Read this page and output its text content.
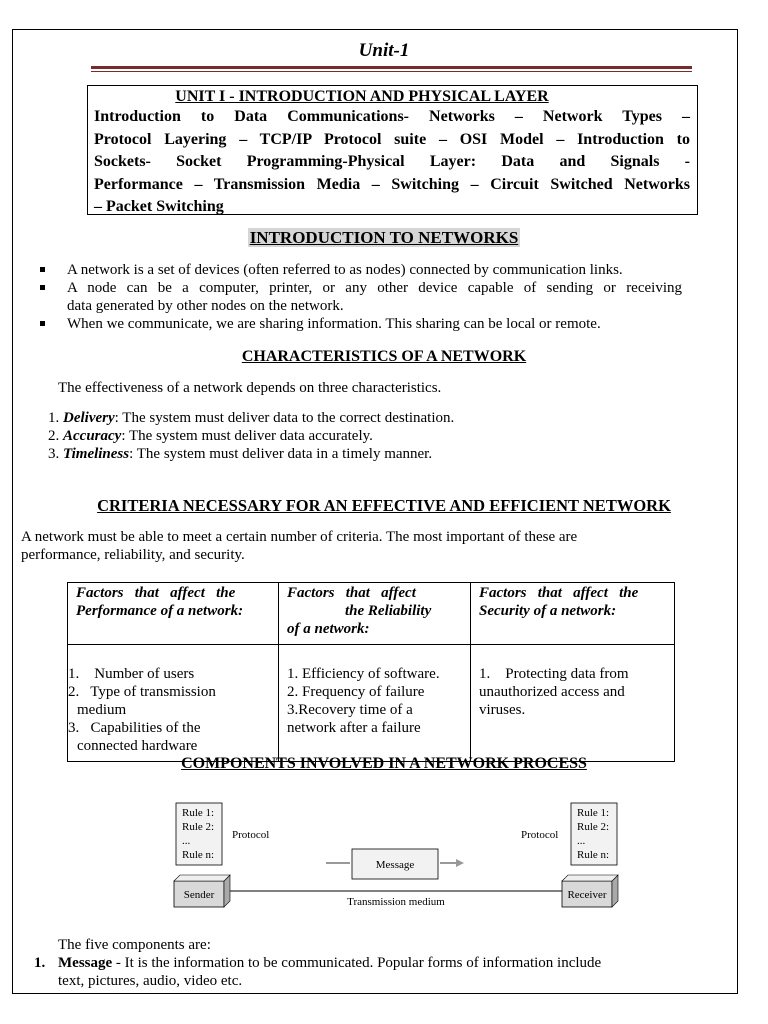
Unit-1
UNIT I - INTRODUCTION AND PHYSICAL LAYER
Introduction to Data Communications- Networks – Network Types –
Protocol Layering – TCP/IP Protocol suite – OSI Model – Introduction to
Sockets- Socket Programming-Physical Layer: Data and Signals -
Performance – Transmission Media – Switching – Circuit Switched Networks
– Packet Switching
INTRODUCTION TO NETWORKS
A network is a set of devices (often referred to as nodes) connected by communication links.
A node can be a computer, printer, or any other device capable of sending or receiving
data generated by other nodes on the network.
When we communicate, we are sharing information. This sharing can be local or remote.
CHARACTERISTICS OF A NETWORK
The effectiveness of a network depends on three characteristics.
1. Delivery: The system must deliver data to the correct destination.
2. Accuracy: The system must deliver data accurately.
3. Timeliness: The system must deliver data in a timely manner.
CRITERIA NECESSARY FOR AN EFFECTIVE AND EFFICIENT NETWORK
A network must be able to meet a certain number of criteria. The most important of these are
performance, reliability, and security.
Factors   that   affect   the
Performance of a network:	Factors   that   affect
the Reliability
of a network:	Factors   that   affect   the
Security of a network:

1.    Number of users
2.   Type of transmission
medium
3.   Capabilities of the
connected hardware	1. Efficiency of software.
2. Frequency of failure
3.Recovery time of a
network after a failure	1.    Protecting data from
unauthorized access and
viruses.
COMPONENTS INVOLVED IN A NETWORK PROCESS
Rule 1:
Rule 2:
...
Rule n:
Protocol
Rule 1:
Rule 2:
...
Rule n:
Protocol
Message
Sender	Receiver
Transmission medium
The five components are:
1. Message - It is the information to be communicated. Popular forms of information include
text, pictures, audio, video etc.
